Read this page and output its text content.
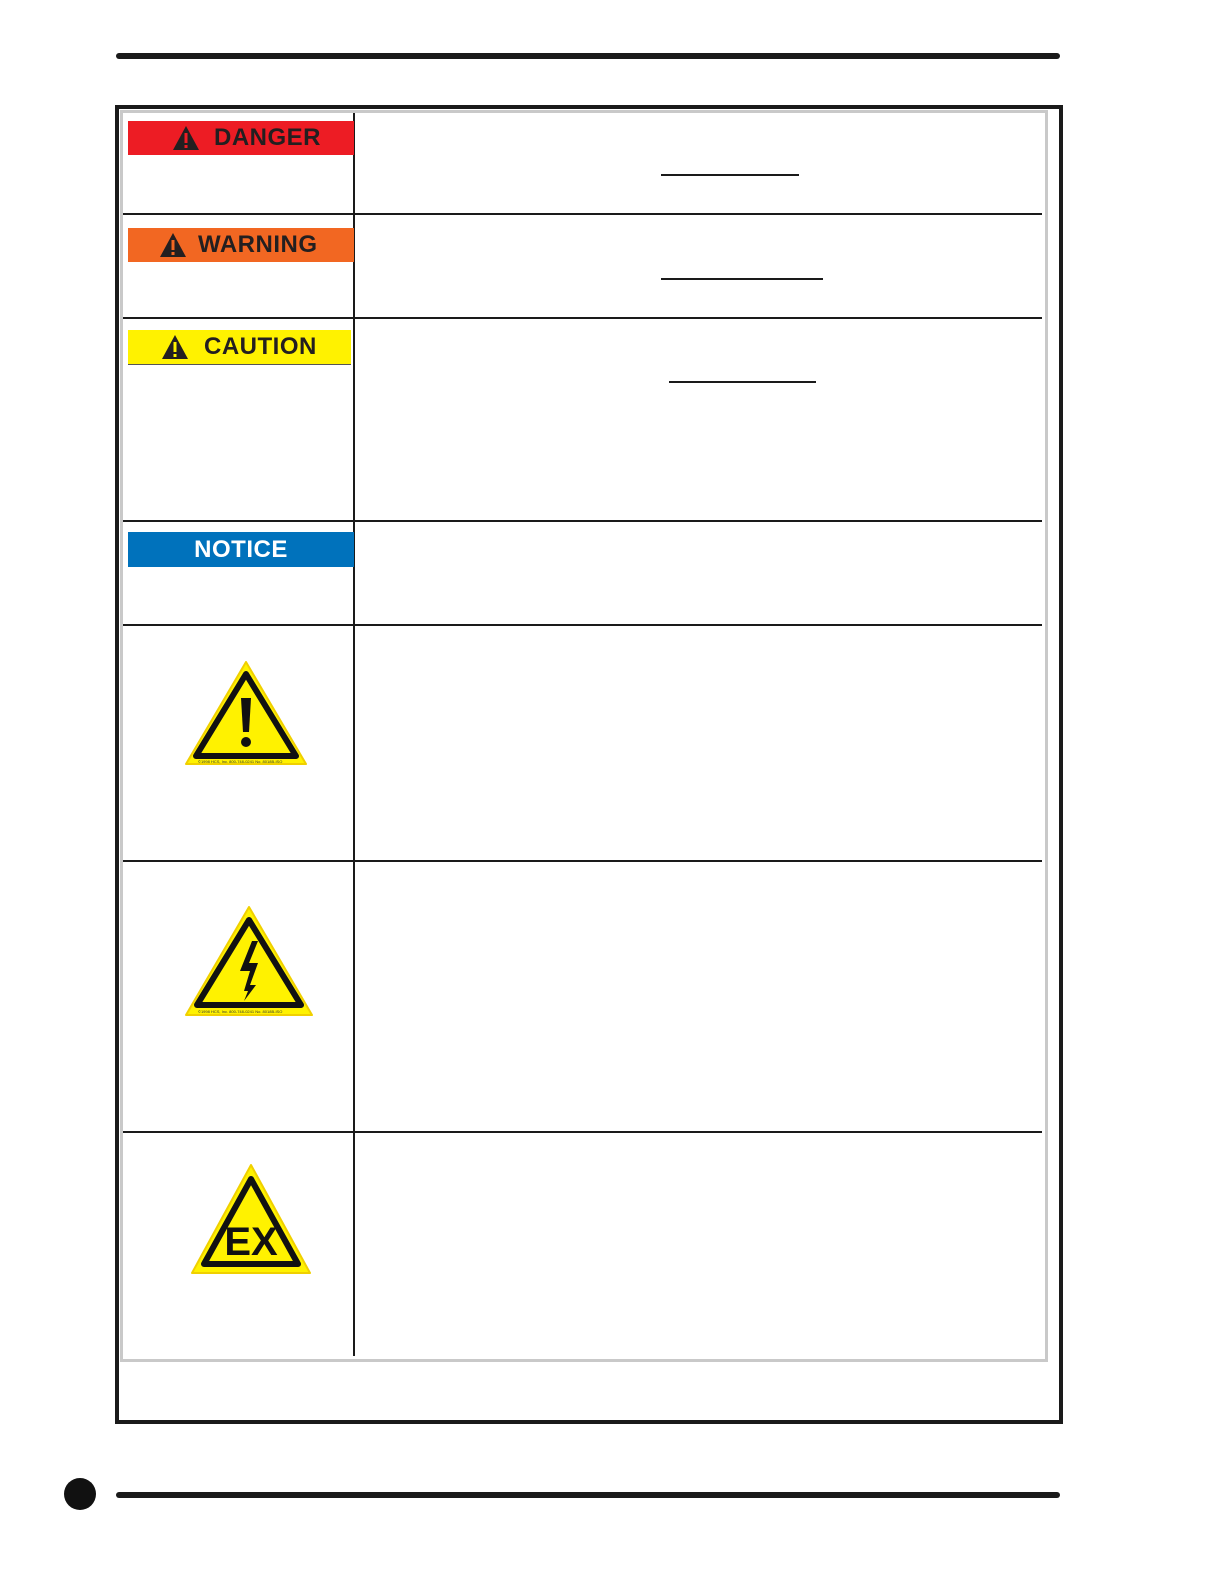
DANGER
WARNING
CAUTION
NOTICE
©1998 HCS, Inc. 800-748-0241 No. 8018B-ISO
©1998 HCS, Inc. 800-748-0241 No. 8018B-ISO
EX
